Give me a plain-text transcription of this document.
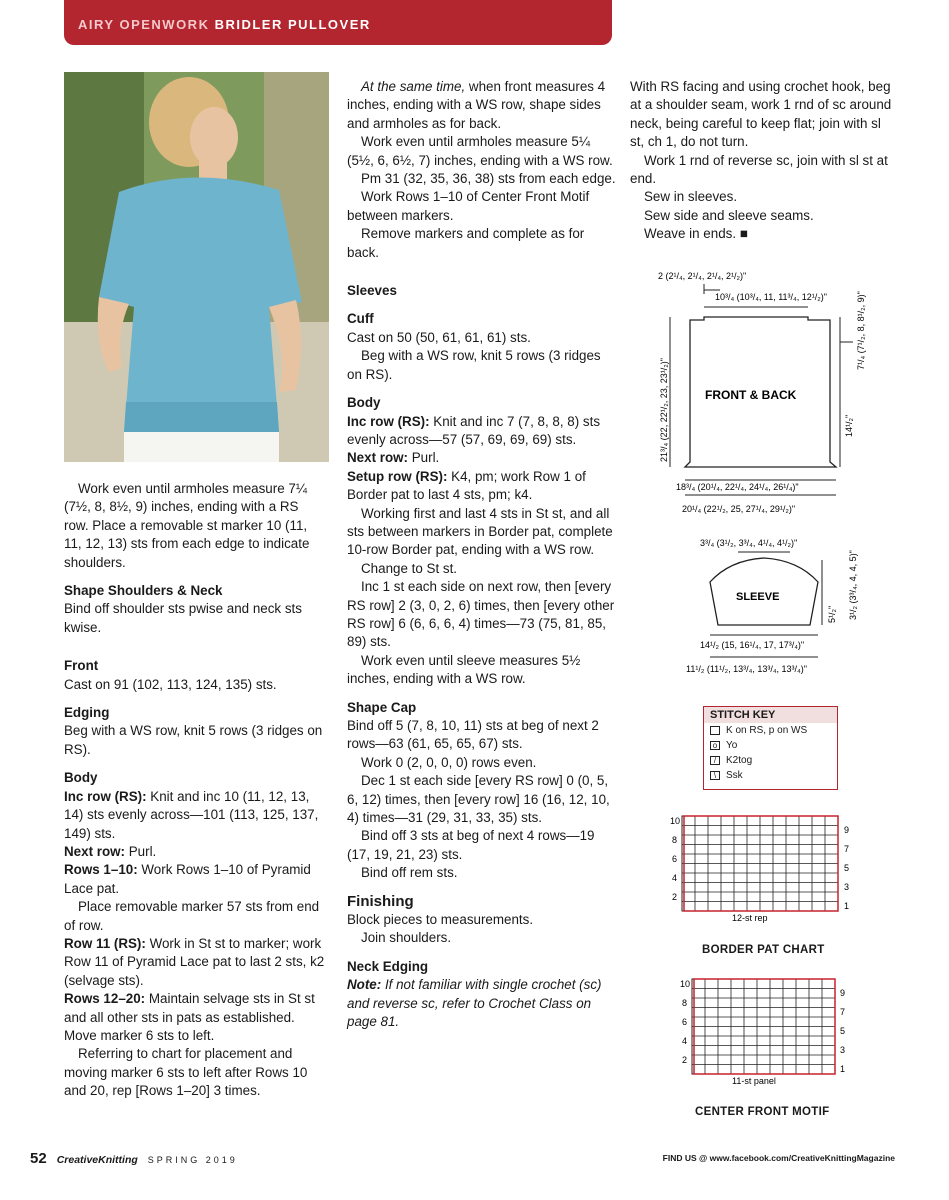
AIRY OPENWORK BRIDLER PULLOVER

Work even until armholes measure 7¼ (7½, 8, 8½, 9) inches, ending with a RS row. Place a removable st marker 10 (11, 11, 12, 13) sts from each edge to indicate shoulders.

Shape Shoulders & Neck

Bind off shoulder sts pwise and neck sts kwise.

Front

Cast on 91 (102, 113, 124, 135) sts.

Edging

Beg with a WS row, knit 5 rows (3 ridges on RS).

Body

Inc row (RS): Knit and inc 10 (11, 12, 13, 14) sts evenly across—101 (113, 125, 137, 149) sts.

Next row: Purl.

Rows 1–10: Work Rows 1–10 of Pyramid Lace pat.

Place removable marker 57 sts from end of row.

Row 11 (RS): Work in St st to marker; work Row 11 of Pyramid Lace pat to last 2 sts, k2 (selvage sts).

Rows 12–20: Maintain selvage sts in St st and all other sts in pats as established. Move marker 6 sts to left.

Referring to chart for placement and moving marker 6 sts to left after Rows 10 and 20, rep [Rows 1–20] 3 times.

At the same time, when front measures 4 inches, ending with a WS row, shape sides and armholes as for back.

Work even until armholes measure 5¼ (5½, 6, 6½, 7) inches, ending with a WS row.

Pm 31 (32, 35, 36, 38) sts from each edge.

Work Rows 1–10 of Center Front Motif between markers.

Remove markers and complete as for back.

Sleeves

Cuff

Cast on 50 (50, 61, 61, 61) sts.

Beg with a WS row, knit 5 rows (3 ridges on RS).

Body

Inc row (RS): Knit and inc 7 (7, 8, 8, 8) sts evenly across—57 (57, 69, 69, 69) sts.

Next row: Purl.

Setup row (RS): K4, pm; work Row 1 of Border pat to last 4 sts, pm; k4.

Working first and last 4 sts in St st, and all sts between markers in Border pat, complete 10-row Border pat, ending with a WS row.

Change to St st.

Inc 1 st each side on next row, then [every RS row] 2 (3, 0, 2, 6) times, then [every other RS row] 6 (6, 6, 6, 4) times—73 (75, 81, 85, 89) sts.

Work even until sleeve measures 5½ inches, ending with a WS row.

Shape Cap

Bind off 5 (7, 8, 10, 11) sts at beg of next 2 rows—63 (61, 65, 65, 67) sts.

Work 0 (2, 0, 0, 0) rows even.

Dec 1 st each side [every RS row] 0 (0, 5, 6, 12) times, then [every row] 16 (16, 12, 10, 4) times—31 (29, 31, 33, 35) sts.

Bind off 3 sts at beg of next 4 rows—19 (17, 19, 21, 23) sts.

Bind off rem sts.

Finishing

Block pieces to measurements.

Join shoulders.

Neck Edging

Note: If not familiar with single crochet (sc) and reverse sc, refer to Crochet Class on page 81.

With RS facing and using crochet hook, beg at a shoulder seam, work 1 rnd of sc around neck, being careful to keep flat; join with sl st, ch 1, do not turn.

Work 1 rnd of reverse sc, join with sl st at end.

Sew in sleeves.

Sew side and sleeve seams.

Weave in ends. ■

2 (2¹/₄, 2¹/₄, 2¹/₄, 2¹/₂)"
10³/₄ (10³/₄, 11, 11³/₄, 12¹/₂)"
FRONT & BACK
21³/₄ (22, 22¹/₂, 23, 23¹/₂)"
7¹/₄ (7¹/₂, 8, 8¹/₂, 9)"
14¹/₂"
18³/₄ (20¹/₄, 22¹/₄, 24¹/₄, 26¹/₄)"
20¹/₄ (22¹/₂, 25, 27¹/₄, 29¹/₂)"
3³/₄ (3¹/₂, 3³/₄, 4¹/₄, 4¹/₂)"
SLEEVE
5¹/₂" 3¹/₂ (3³/₄, 4, 4, 5)"
14¹/₂ (15, 16¹/₄, 17, 17³/₄)"
11¹/₂ (11¹/₂, 13³/₄, 13³/₄, 13³/₄)"
STITCH KEY
K on RS, p on WS
o Yo
/ K2tog
\ Ssk
10
8
6
4
2
9
7
5
3
1
12-st rep
BORDER PAT CHART
10
8
6
4
2
9
7
5
3
1
11-st panel
CENTER FRONT MOTIF
52 CreativeKnitting SPRING 2019	FIND US @ www.facebook.com/CreativeKnittingMagazine
